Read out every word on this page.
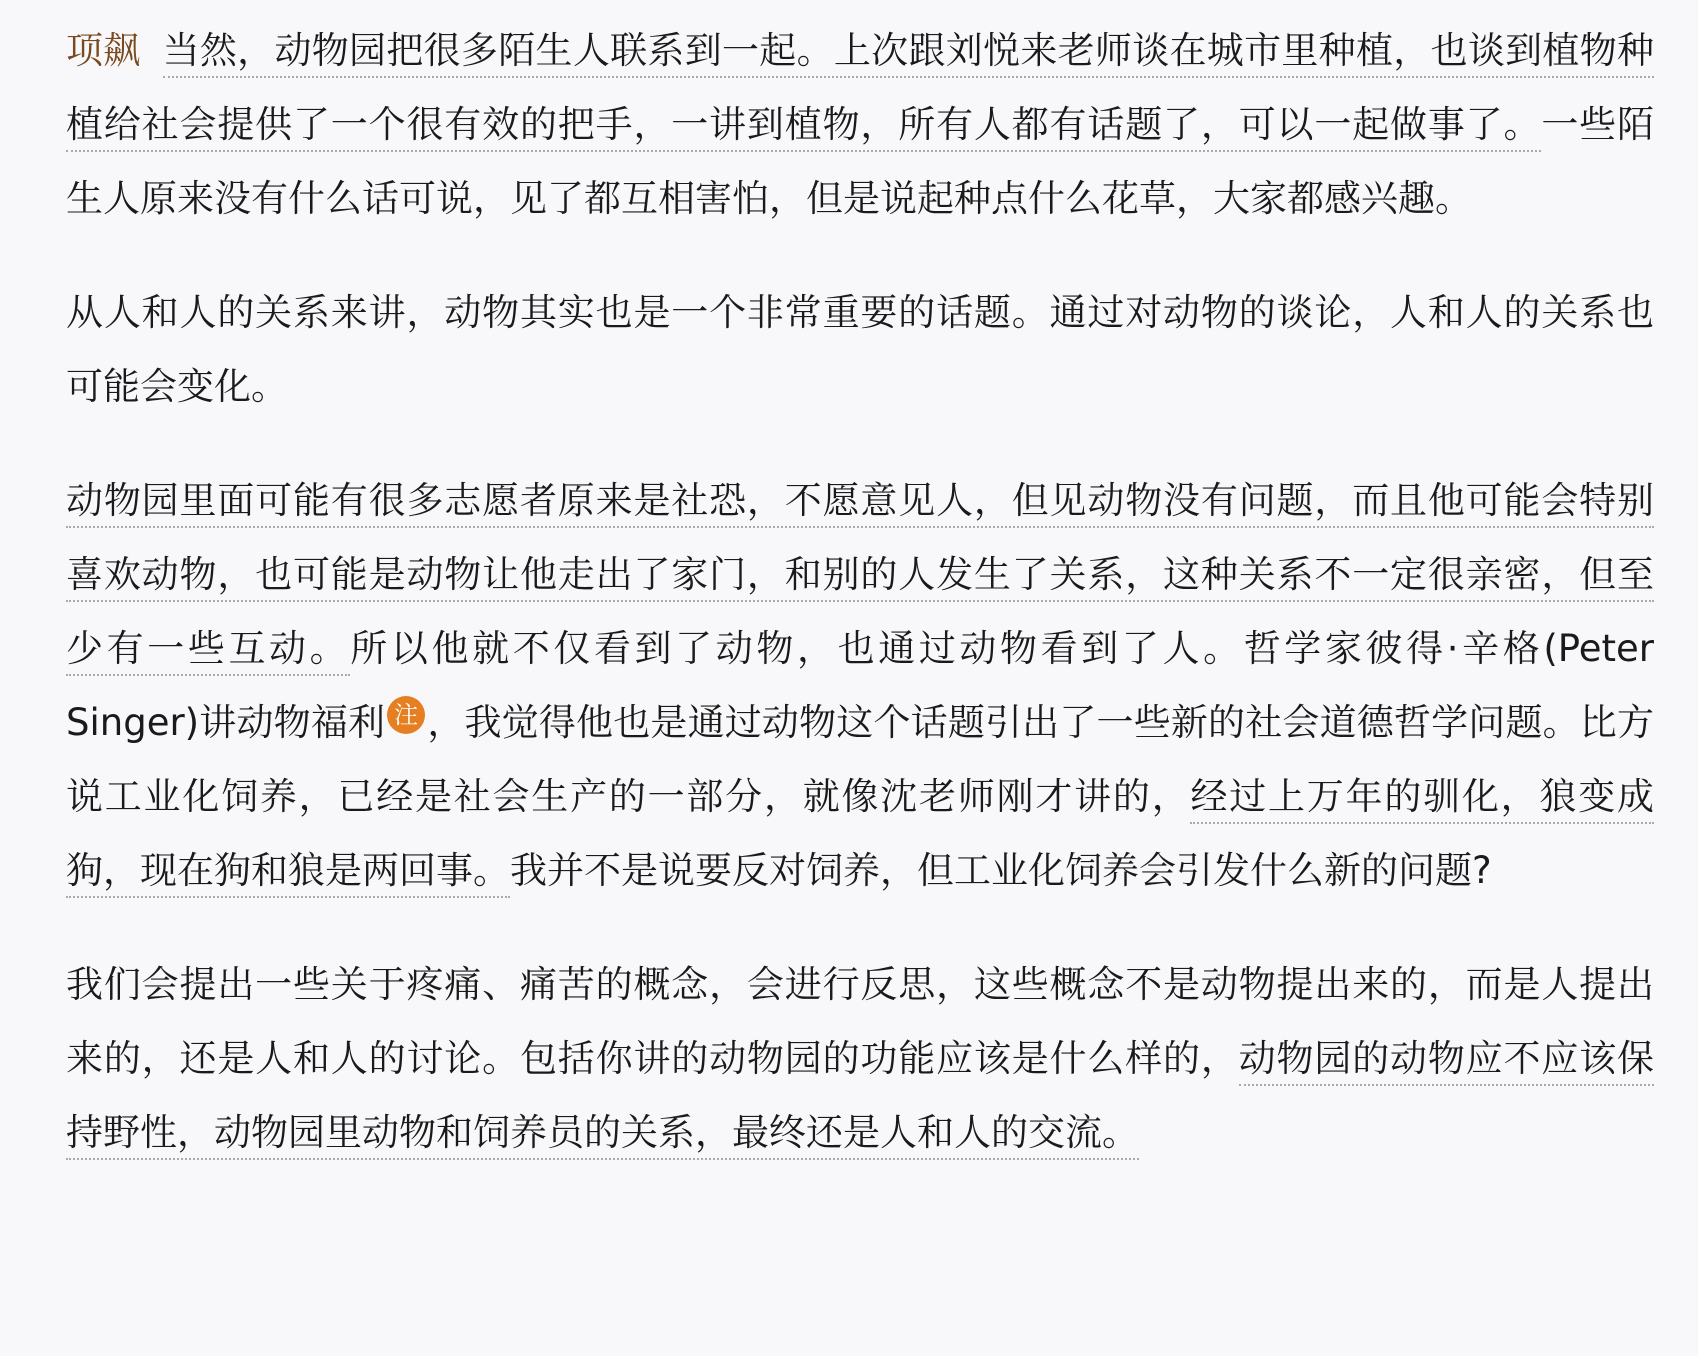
项飙 当然，动物园把很多陌生人联系到一起。上次跟刘悦来老师谈在城市里种植，也谈到植物种植给社会提供了一个很有效的把手，一讲到植物，所有人都有话题了，可以一起做事了。一些陌生人原来没有什么话可说，见了都互相害怕，但是说起种点什么花草，大家都感兴趣。

从人和人的关系来讲，动物其实也是一个非常重要的话题。通过对动物的谈论，人和人的关系也可能会变化。

动物园里面可能有很多志愿者原来是社恐，不愿意见人，但见动物没有问题，而且他可能会特别喜欢动物，也可能是动物让他走出了家门，和别的人发生了关系，这种关系不一定很亲密，但至少有一些互动。所以他就不仅看到了动物，也通过动物看到了人。哲学家彼得·辛格(Peter Singer)讲动物福利 注 ，我觉得他也是通过动物这个话题引出了一些新的社会道德哲学问题。比方说工业化饲养，已经是社会生产的一部分，就像沈老师刚才讲的，经过上万年的驯化，狼变成狗，现在狗和狼是两回事。我并不是说要反对饲养，但工业化饲养会引发什么新的问题?

我们会提出一些关于疼痛、痛苦的概念，会进行反思，这些概念不是动物提出来的，而是人提出来的，还是人和人的讨论。包括你讲的动物园的功能应该是什么样的，动物园的动物应不应该保持野性，动物园里动物和饲养员的关系，最终还是人和人的交流。
